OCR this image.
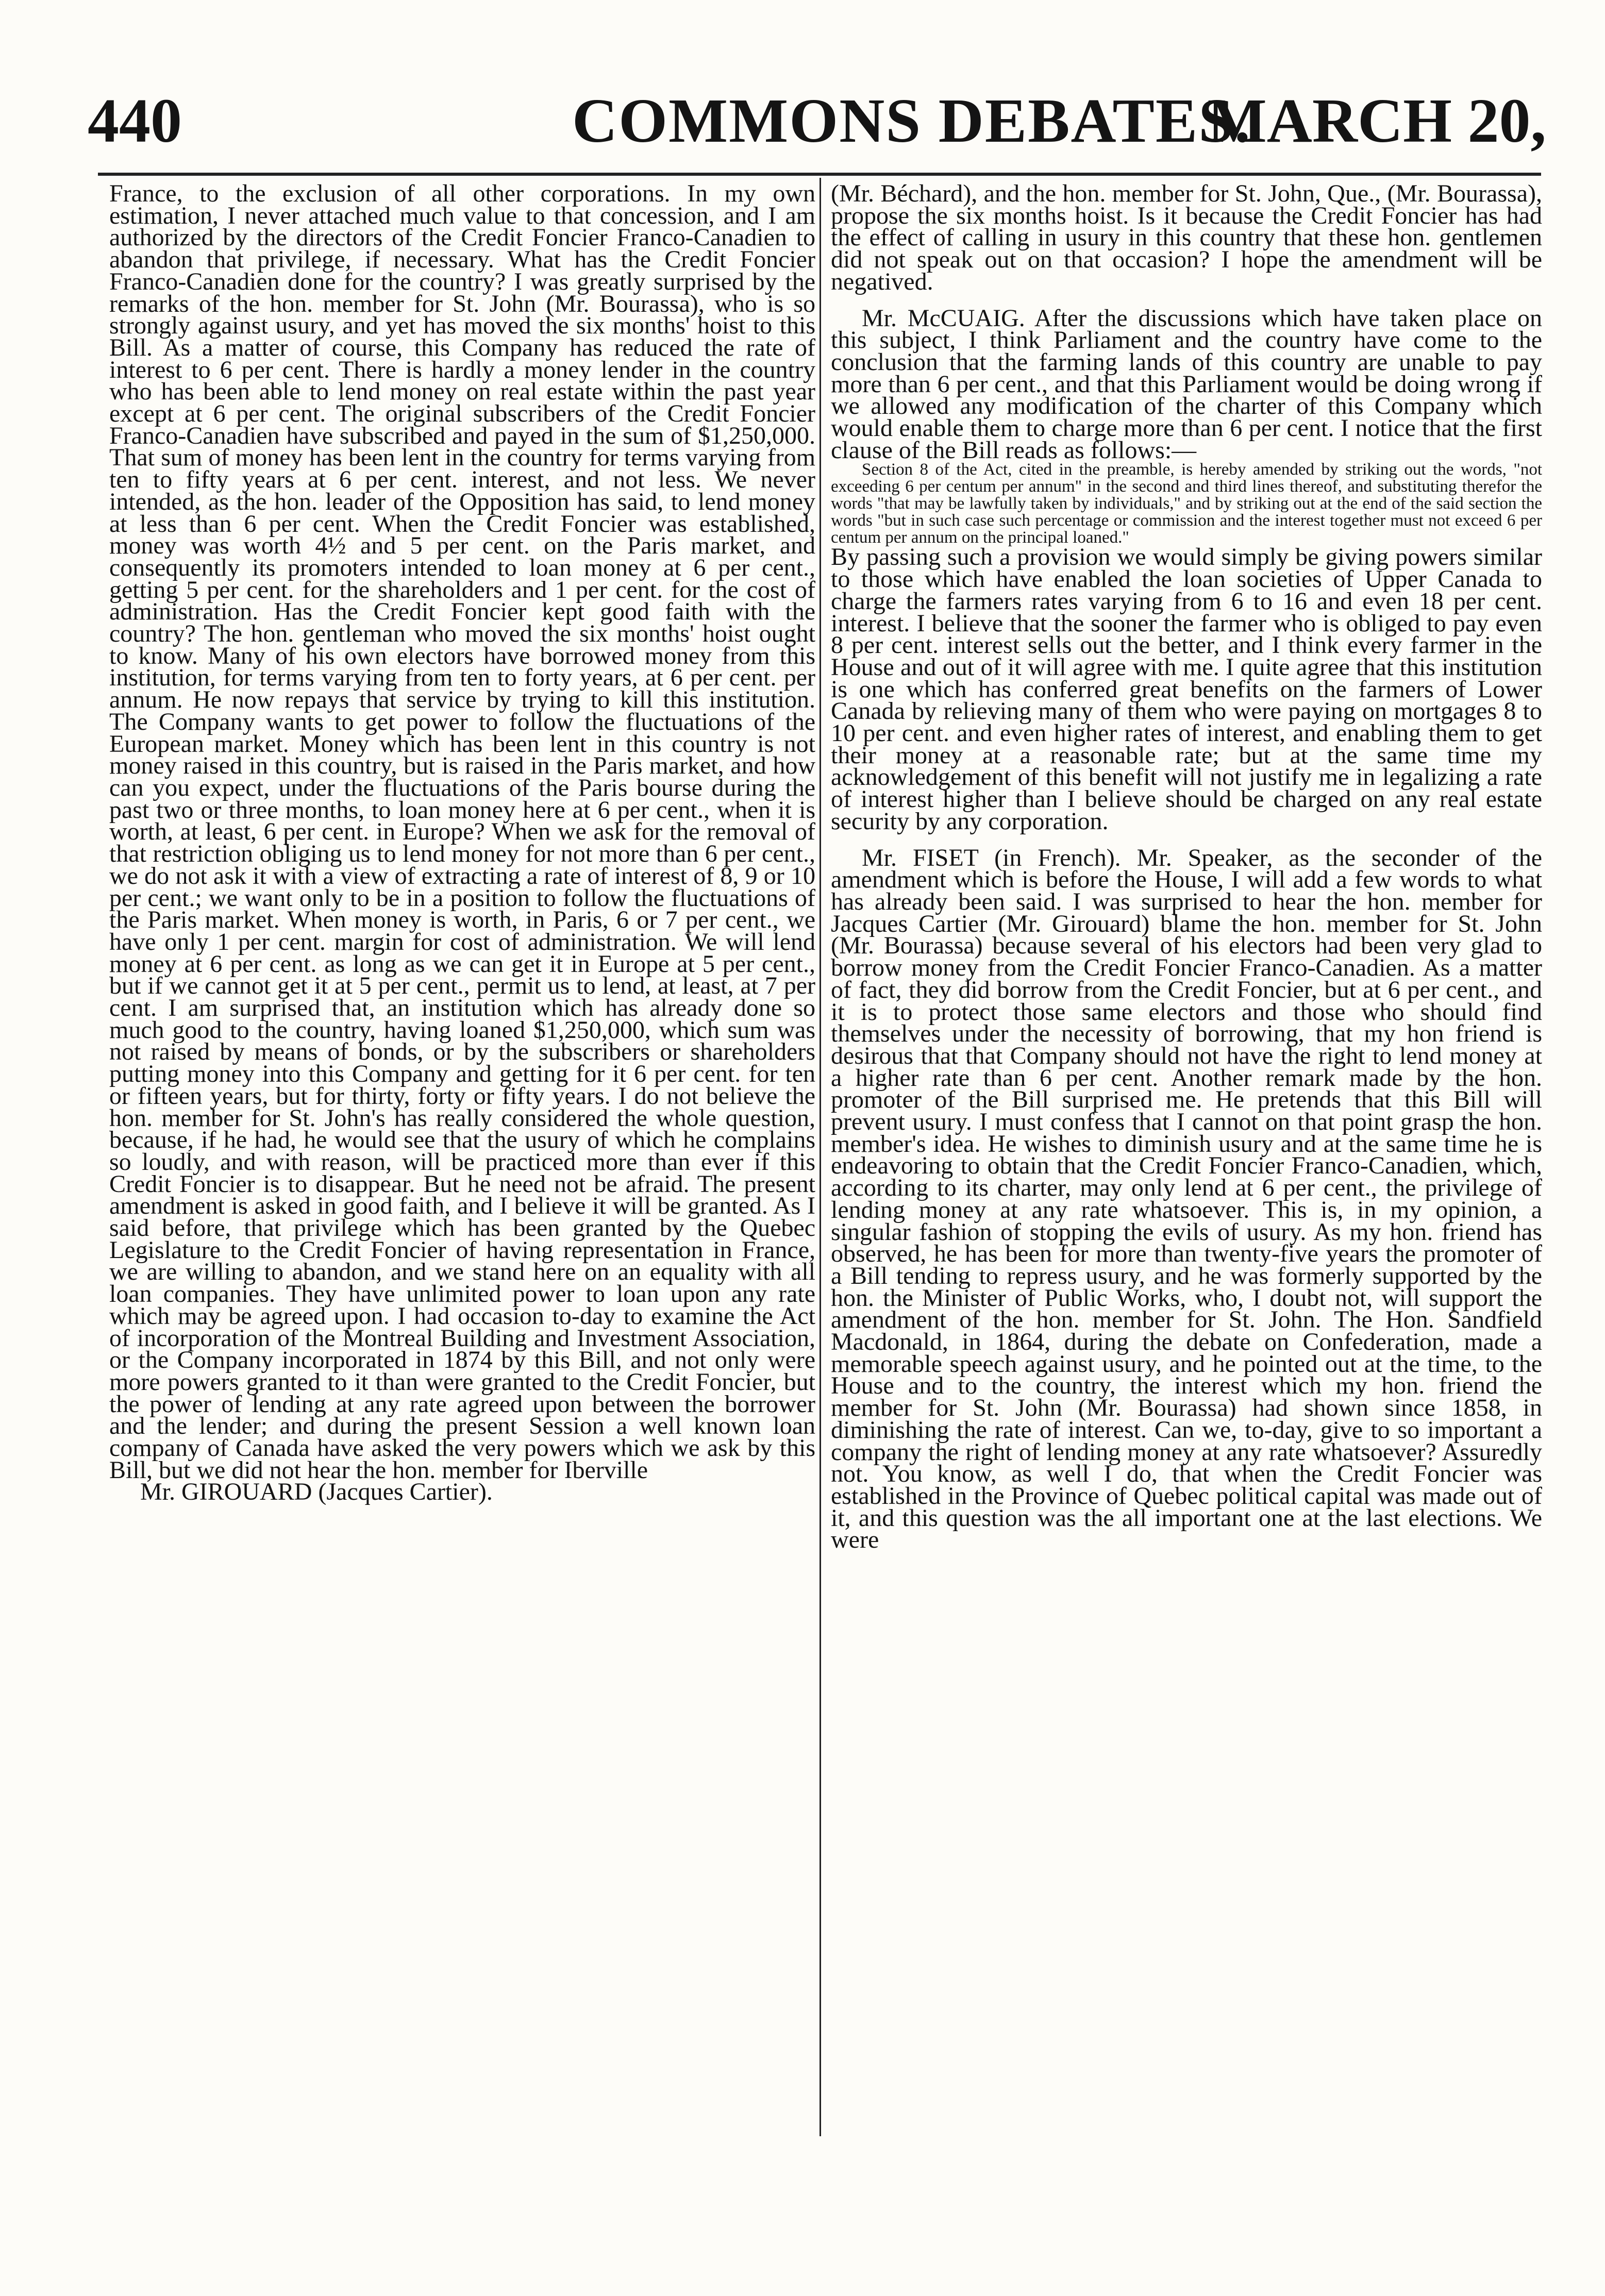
440	COMMONS DEBATES.
MARCH 20,

France, to the exclusion of all other corporations. In my own estimation, I never attached much value to that concession, and I am authorized by the directors of the Credit Foncier Franco-Canadien to abandon that privilege, if necessary. What has the Credit Foncier Franco-Canadien done for the country? I was greatly surprised by the remarks of the hon. member for St. John (Mr. Bourassa), who is so strongly against usury, and yet has moved the six months' hoist to this Bill. As a matter of course, this Company has reduced the rate of interest to 6 per cent. There is hardly a money lender in the country who has been able to lend money on real estate within the past year except at 6 per cent. The original subscribers of the Credit Foncier Franco-Canadien have subscribed and payed in the sum of $1,250,000. That sum of money has been lent in the country for terms varying from ten to fifty years at 6 per cent. interest, and not less. We never intended, as the hon. leader of the Opposition has said, to lend money at less than 6 per cent. When the Credit Foncier was established, money was worth 4½ and 5 per cent. on the Paris market, and consequently its promoters intended to loan money at 6 per cent., getting 5 per cent. for the shareholders and 1 per cent. for the cost of administration. Has the Credit Foncier kept good faith with the country? The hon. gentleman who moved the six months' hoist ought to know. Many of his own electors have borrowed money from this institution, for terms varying from ten to forty years, at 6 per cent. per annum. He now repays that service by trying to kill this institution. The Company wants to get power to follow the fluctuations of the European market. Money which has been lent in this country is not money raised in this country, but is raised in the Paris market, and how can you expect, under the fluctuations of the Paris bourse during the past two or three months, to loan money here at 6 per cent., when it is worth, at least, 6 per cent. in Europe? When we ask for the removal of that restriction obliging us to lend money for not more than 6 per cent., we do not ask it with a view of extracting a rate of interest of 8, 9 or 10 per cent.; we want only to be in a position to follow the fluctuations of the Paris market. When money is worth, in Paris, 6 or 7 per cent., we have only 1 per cent. margin for cost of administration. We will lend money at 6 per cent. as long as we can get it in Europe at 5 per cent., but if we cannot get it at 5 per cent., permit us to lend, at least, at 7 per cent. I am surprised that, an institution which has already done so much good to the country, having loaned $1,250,000, which sum was not raised by means of bonds, or by the subscribers or shareholders putting money into this Company and getting for it 6 per cent. for ten or fifteen years, but for thirty, forty or fifty years. I do not believe the hon. member for St. John's has really considered the whole question, because, if he had, he would see that the usury of which he complains so loudly, and with reason, will be practiced more than ever if this Credit Foncier is to disappear. But he need not be afraid. The present amendment is asked in good faith, and I believe it will be granted. As I said before, that privilege which has been granted by the Quebec Legislature to the Credit Foncier of having representation in France, we are willing to abandon, and we stand here on an equality with all loan companies. They have unlimited power to loan upon any rate which may be agreed upon. I had occasion to-day to examine the Act of incorporation of the Montreal Building and Investment Association, or the Company incorporated in 1874 by this Bill, and not only were more powers granted to it than were granted to the Credit Foncier, but the power of lending at any rate agreed upon between the borrower and the lender; and during the present Session a well known loan company of Canada have asked the very powers which we ask by this Bill, but we did not hear the hon. member for Iberville

Mr. GIROUARD (Jacques Cartier).

(Mr. Béchard), and the hon. member for St. John, Que., (Mr. Bourassa), propose the six months hoist. Is it because the Credit Foncier has had the effect of calling in usury in this country that these hon. gentlemen did not speak out on that occasion? I hope the amendment will be negatived.

Mr. McCUAIG. After the discussions which have taken place on this subject, I think Parliament and the country have come to the conclusion that the farming lands of this country are unable to pay more than 6 per cent., and that this Parliament would be doing wrong if we allowed any modification of the charter of this Company which would enable them to charge more than 6 per cent. I notice that the first clause of the Bill reads as follows:—

Section 8 of the Act, cited in the preamble, is hereby amended by striking out the words, "not exceeding 6 per centum per annum" in the second and third lines thereof, and substituting therefor the words "that may be lawfully taken by individuals," and by striking out at the end of the said section the words "but in such case such percentage or commission and the interest together must not exceed 6 per centum per annum on the principal loaned."

By passing such a provision we would simply be giving powers similar to those which have enabled the loan societies of Upper Canada to charge the farmers rates varying from 6 to 16 and even 18 per cent. interest. I believe that the sooner the farmer who is obliged to pay even 8 per cent. interest sells out the better, and I think every farmer in the House and out of it will agree with me. I quite agree that this institution is one which has conferred great benefits on the farmers of Lower Canada by relieving many of them who were paying on mortgages 8 to 10 per cent. and even higher rates of interest, and enabling them to get their money at a reasonable rate; but at the same time my acknowledgement of this benefit will not justify me in legalizing a rate of interest higher than I believe should be charged on any real estate security by any corporation.

Mr. FISET (in French). Mr. Speaker, as the seconder of the amendment which is before the House, I will add a few words to what has already been said. I was surprised to hear the hon. member for Jacques Cartier (Mr. Girouard) blame the hon. member for St. John (Mr. Bourassa) because several of his electors had been very glad to borrow money from the Credit Foncier Franco-Canadien. As a matter of fact, they did borrow from the Credit Foncier, but at 6 per cent., and it is to protect those same electors and those who should find themselves under the necessity of borrowing, that my hon friend is desirous that that Company should not have the right to lend money at a higher rate than 6 per cent. Another remark made by the hon. promoter of the Bill surprised me. He pretends that this Bill will prevent usury. I must confess that I cannot on that point grasp the hon. member's idea. He wishes to diminish usury and at the same time he is endeavoring to obtain that the Credit Foncier Franco-Canadien, which, according to its charter, may only lend at 6 per cent., the privilege of lending money at any rate whatsoever. This is, in my opinion, a singular fashion of stopping the evils of usury. As my hon. friend has observed, he has been for more than twenty-five years the promoter of a Bill tending to repress usury, and he was formerly supported by the hon. the Minister of Public Works, who, I doubt not, will support the amendment of the hon. member for St. John. The Hon. Sandfield Macdonald, in 1864, during the debate on Confederation, made a memorable speech against usury, and he pointed out at the time, to the House and to the country, the interest which my hon. friend the member for St. John (Mr. Bourassa) had shown since 1858, in diminishing the rate of interest. Can we, to-day, give to so important a company the right of lending money at any rate whatsoever? Assuredly not. You know, as well I do, that when the Credit Foncier was established in the Province of Quebec political capital was made out of it, and this question was the all important one at the last elections. We were
